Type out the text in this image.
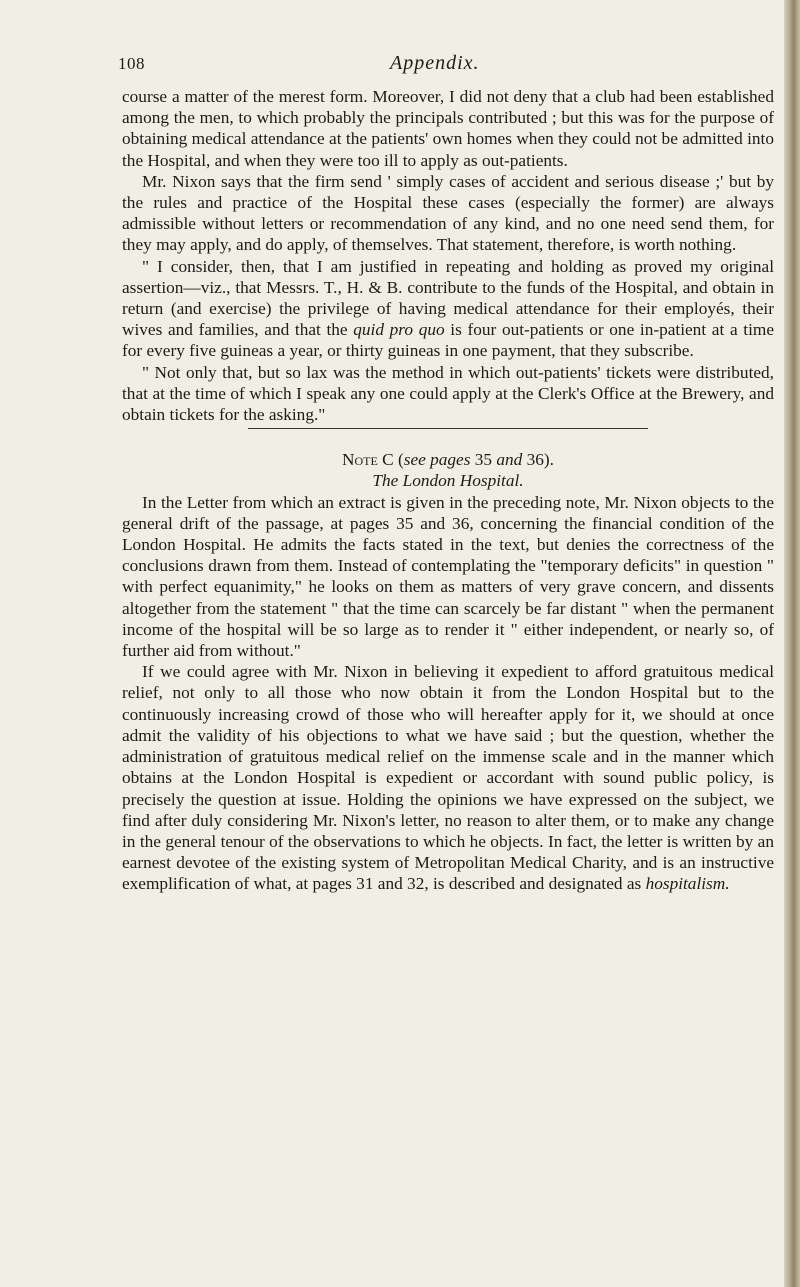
108	Appendix.

course a matter of the merest form. Moreover, I did not deny that a club had been established among the men, to which probably the principals contributed ; but this was for the purpose of obtaining medical attendance at the patients' own homes when they could not be admitted into the Hospital, and when they were too ill to apply as out-patients.

Mr. Nixon says that the firm send ' simply cases of accident and serious disease ;' but by the rules and practice of the Hospital these cases (especially the former) are always admissible without letters or recommendation of any kind, and no one need send them, for they may apply, and do apply, of themselves. That statement, therefore, is worth nothing.

" I consider, then, that I am justified in repeating and holding as proved my original assertion—viz., that Messrs. T., H. & B. contribute to the funds of the Hospital, and obtain in return (and exercise) the privilege of having medical attendance for their employés, their wives and families, and that the quid pro quo is four out-patients or one in-patient at a time for every five guineas a year, or thirty guineas in one payment, that they subscribe.

" Not only that, but so lax was the method in which out-patients' tickets were distributed, that at the time of which I speak any one could apply at the Clerk's Office at the Brewery, and obtain tickets for the asking."

Note C (see pages 35 and 36).

The London Hospital.

In the Letter from which an extract is given in the preceding note, Mr. Nixon objects to the general drift of the passage, at pages 35 and 36, concerning the financial condition of the London Hospital. He admits the facts stated in the text, but denies the correctness of the conclusions drawn from them. Instead of contemplating the "temporary deficits" in question " with perfect equanimity," he looks on them as matters of very grave concern, and dissents altogether from the statement " that the time can scarcely be far distant " when the permanent income of the hospital will be so large as to render it " either independent, or nearly so, of further aid from without."

If we could agree with Mr. Nixon in believing it expedient to afford gratuitous medical relief, not only to all those who now obtain it from the London Hospital but to the continuously increasing crowd of those who will hereafter apply for it, we should at once admit the validity of his objections to what we have said ; but the question, whether the administration of gratuitous medical relief on the immense scale and in the manner which obtains at the London Hospital is expedient or accordant with sound public policy, is precisely the question at issue. Holding the opinions we have expressed on the subject, we find after duly considering Mr. Nixon's letter, no reason to alter them, or to make any change in the general tenour of the observations to which he objects. In fact, the letter is written by an earnest devotee of the existing system of Metropolitan Medical Charity, and is an instructive exemplification of what, at pages 31 and 32, is described and designated as hospitalism.
